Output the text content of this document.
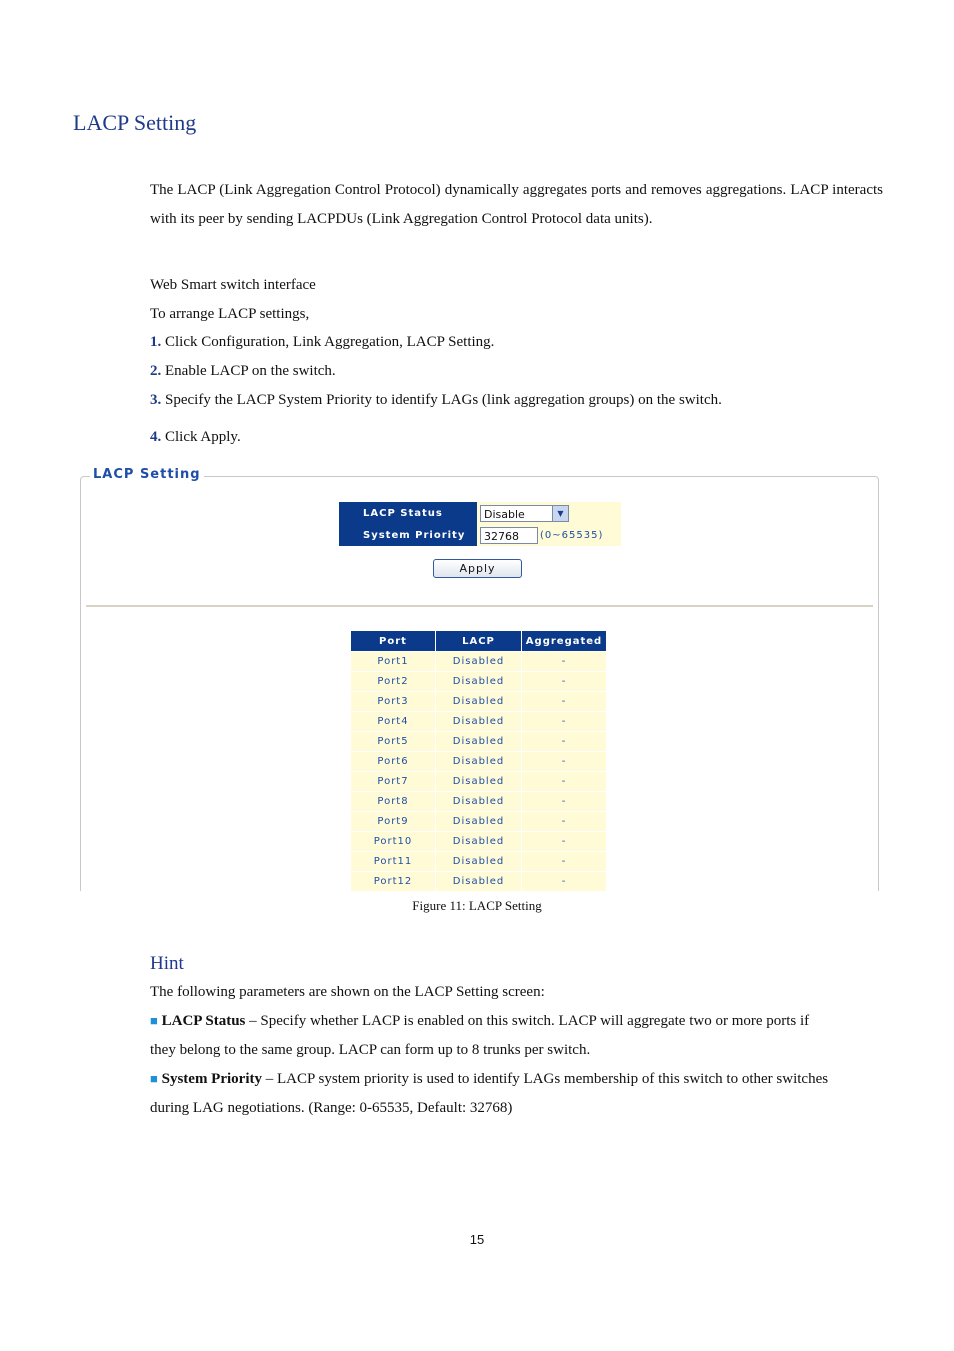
LACP Setting
The LACP (Link Aggregation Control Protocol) dynamically aggregates ports and removes aggregations. LACP interacts with its peer by sending LACPDUs (Link Aggregation Control Protocol data units).
Web Smart switch interface
To arrange LACP settings,
1. Click Configuration, Link Aggregation, LACP Setting.
2. Enable LACP on the switch.
3. Specify the LACP System Priority to identify LAGs (link aggregation groups) on the switch.
4. Click Apply.
LACP Setting
LACP Status	Disable ▼

System Priority	32768 (0~65535)
Apply
Port	LACP	Aggregated
Port1	Disabled	-
Port2	Disabled	-
Port3	Disabled	-
Port4	Disabled	-
Port5	Disabled	-
Port6	Disabled	-
Port7	Disabled	-
Port8	Disabled	-
Port9	Disabled	-
Port10	Disabled	-
Port11	Disabled	-
Port12	Disabled	-
Figure 11: LACP Setting
Hint
The following parameters are shown on the LACP Setting screen:
■ LACP Status – Specify whether LACP is enabled on this switch. LACP will aggregate two or more ports if
they belong to the same group. LACP can form up to 8 trunks per switch.
■ System Priority – LACP system priority is used to identify LAGs membership of this switch to other switches
during LAG negotiations. (Range: 0-65535, Default: 32768)
15
